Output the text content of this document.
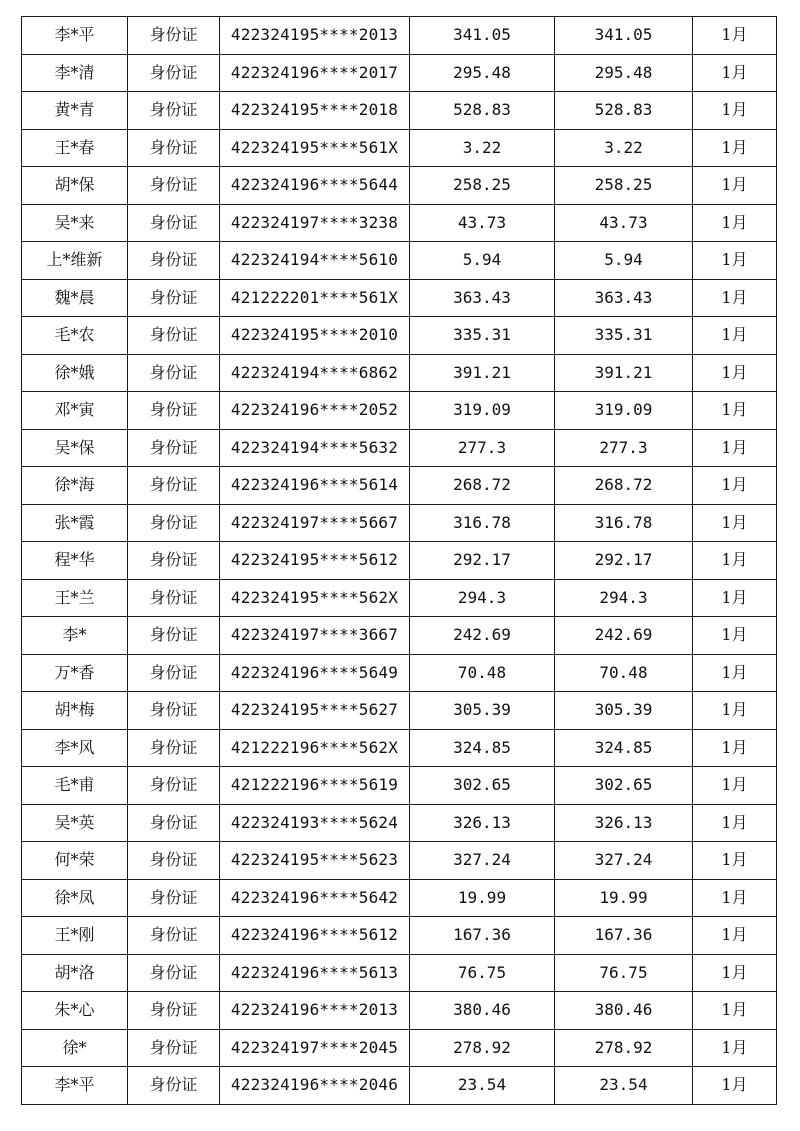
李*平	身份证	422324195****2013	341.05	341.05	1月
李*清	身份证	422324196****2017	295.48	295.48	1月
黄*青	身份证	422324195****2018	528.83	528.83	1月
王*春	身份证	422324195****561X	3.22	3.22	1月
胡*保	身份证	422324196****5644	258.25	258.25	1月
吴*来	身份证	422324197****3238	43.73	43.73	1月
上*维新	身份证	422324194****5610	5.94	5.94	1月
魏*晨	身份证	421222201****561X	363.43	363.43	1月
毛*农	身份证	422324195****2010	335.31	335.31	1月
徐*娥	身份证	422324194****6862	391.21	391.21	1月
邓*寅	身份证	422324196****2052	319.09	319.09	1月
吴*保	身份证	422324194****5632	277.3	277.3	1月
徐*海	身份证	422324196****5614	268.72	268.72	1月
张*霞	身份证	422324197****5667	316.78	316.78	1月
程*华	身份证	422324195****5612	292.17	292.17	1月
王*兰	身份证	422324195****562X	294.3	294.3	1月
李*	身份证	422324197****3667	242.69	242.69	1月
万*香	身份证	422324196****5649	70.48	70.48	1月
胡*梅	身份证	422324195****5627	305.39	305.39	1月
李*风	身份证	421222196****562X	324.85	324.85	1月
毛*甫	身份证	421222196****5619	302.65	302.65	1月
吴*英	身份证	422324193****5624	326.13	326.13	1月
何*荣	身份证	422324195****5623	327.24	327.24	1月
徐*凤	身份证	422324196****5642	19.99	19.99	1月
王*刚	身份证	422324196****5612	167.36	167.36	1月
胡*洛	身份证	422324196****5613	76.75	76.75	1月
朱*心	身份证	422324196****2013	380.46	380.46	1月
徐*	身份证	422324197****2045	278.92	278.92	1月
李*平	身份证	422324196****2046	23.54	23.54	1月
